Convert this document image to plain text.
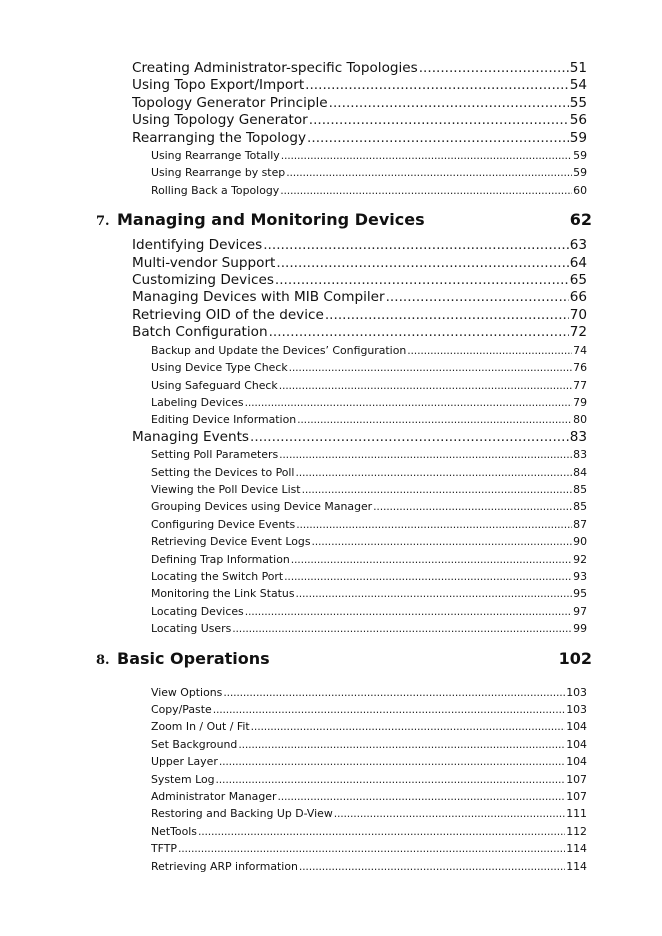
Creating Administrator-specific Topologies .....	51
Using Topo Export/Import .....	54
Topology Generator Principle .....	55
Using Topology Generator .....	56
Rearranging the Topology .....	59
Using Rearrange Totally .....	59
Using Rearrange by step .....	59
Rolling Back a Topology .....	60
7. Managing and Monitoring Devices	62
Identifying Devices .....	63
Multi-vendor Support .....	64
Customizing Devices .....	65
Managing Devices with MIB Compiler .....	66
Retrieving OID of the device .....	70
Batch Configuration .....	72
Backup and Update the Devices’ Configuration .....	74
Using Device Type Check .....	76
Using Safeguard Check .....	77
Labeling Devices .....	79
Editing Device Information .....	80
Managing Events .....	83
Setting Poll Parameters .....	83
Setting the Devices to Poll .....	84
Viewing the Poll Device List .....	85
Grouping Devices using Device Manager .....	85
Configuring Device Events .....	87
Retrieving Device Event Logs .....	90
Defining Trap Information .....	92
Locating the Switch Port .....	93
Monitoring the Link Status .....	95
Locating Devices .....	97
Locating Users .....	99
8. Basic Operations	102
View Options .....	103
Copy/Paste .....	103
Zoom In / Out / Fit .....	104
Set Background .....	104
Upper Layer .....	104
System Log .....	107
Administrator Manager .....	107
Restoring and Backing Up D-View .....	111
NetTools .....	112
TFTP .....	114
Retrieving ARP information .....	114
